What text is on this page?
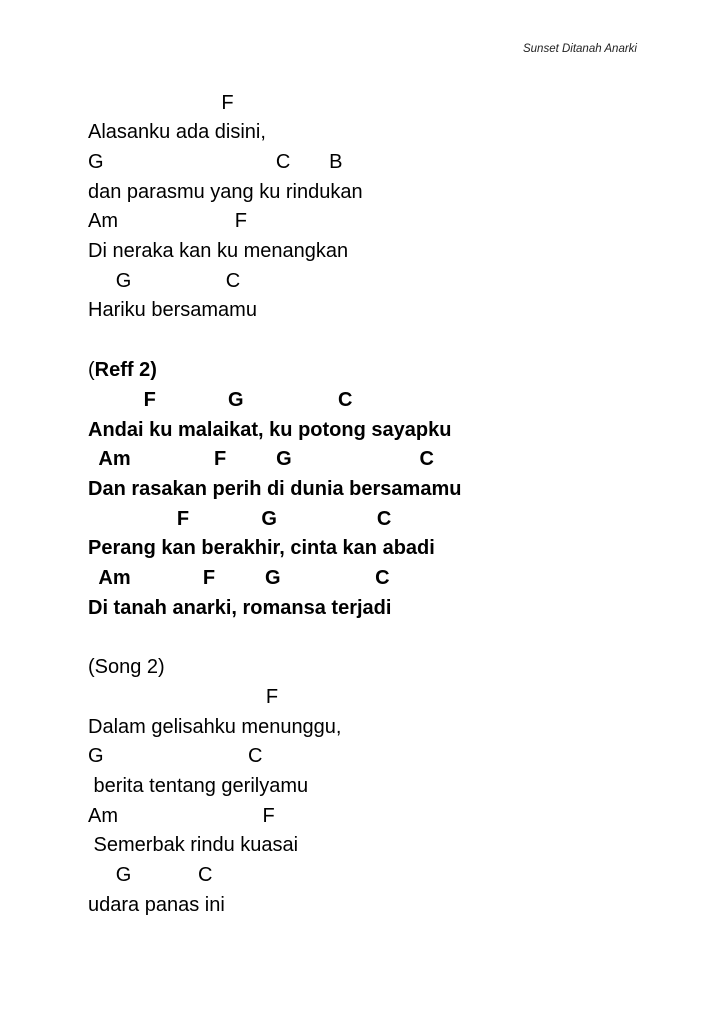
Sunset Ditanah Anarki
F
Alasanku ada disini,
G                               C       B
dan parasmu yang ku rindukan
Am                     F
Di neraka kan ku menangkan
G                 C
Hariku bersamamu
(Reff 2)
F             G                 C
Andai ku malaikat, ku potong sayapku
Am               F         G                       C
Dan rasakan perih di dunia bersamamu
F             G                  C
Perang kan berakhir, cinta kan abadi
Am             F         G                 C
Di tanah anarki, romansa terjadi
(Song 2)
F
Dalam gelisahku menunggu,
G                          C
berita tentang gerilyamu
Am                          F
Semerbak rindu kuasai
G            C
udara panas ini
